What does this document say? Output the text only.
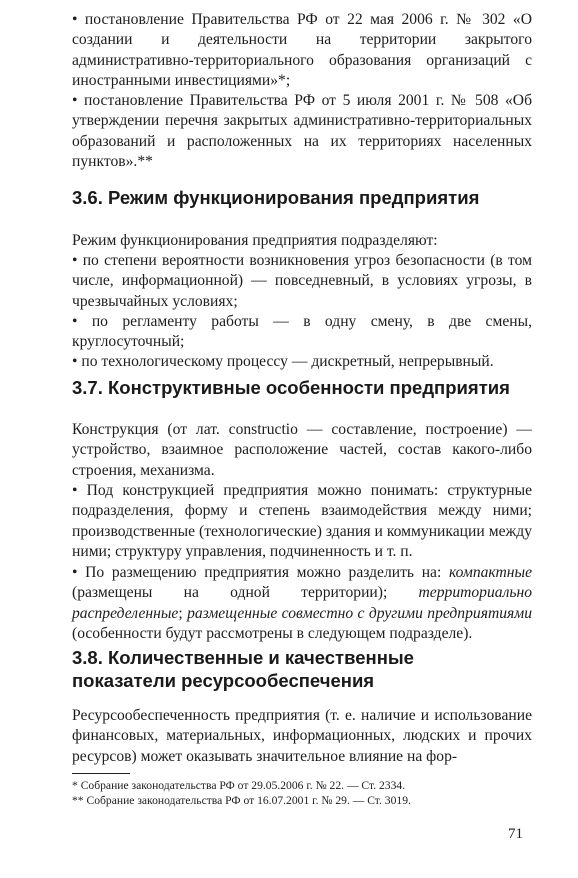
• постановление Правительства РФ от 22 мая 2006 г. № 302 «О создании и деятельности на территории закрытого административно-территориального образования организаций с иностранными инвестициями»*;

• постановление Правительства РФ от 5 июля 2001 г. № 508 «Об утверждении перечня закрытых административно-территориальных образований и расположенных на их территориях населенных пунктов».**

3.6. Режим функционирования предприятия

Режим функционирования предприятия подразделяют:

• по степени вероятности возникновения угроз безопасности (в том числе, информационной) — повседневный, в условиях угрозы, в чрезвычайных условиях;

• по регламенту работы — в одну смену, в две смены, круглосуточный;

• по технологическому процессу — дискретный, непрерывный.

3.7. Конструктивные особенности предприятия

Конструкция (от лат. constructio — составление, построение) — устройство, взаимное расположение частей, состав какого-либо строения, механизма.

• Под конструкцией предприятия можно понимать: структурные подразделения, форму и степень взаимодействия между ними; производственные (технологические) здания и коммуникации между ними; структуру управления, подчиненность и т. п.

• По размещению предприятия можно разделить на: компактные (размещены на одной территории); территориально распределенные; размещенные совместно с другими предприятиями (особенности будут рассмотрены в следующем подразделе).

3.8. Количественные и качественные
показатели ресурсообеспечения

Ресурсообеспеченность предприятия (т. е. наличие и использование финансовых, материальных, информационных, людских и прочих ресурсов) может оказывать значительное влияние на фор-

* Собрание законодательства РФ от 29.05.2006 г. № 22. — Ст. 2334.

** Собрание законодательства РФ от 16.07.2001 г. № 29. — Ст. 3019.

71
